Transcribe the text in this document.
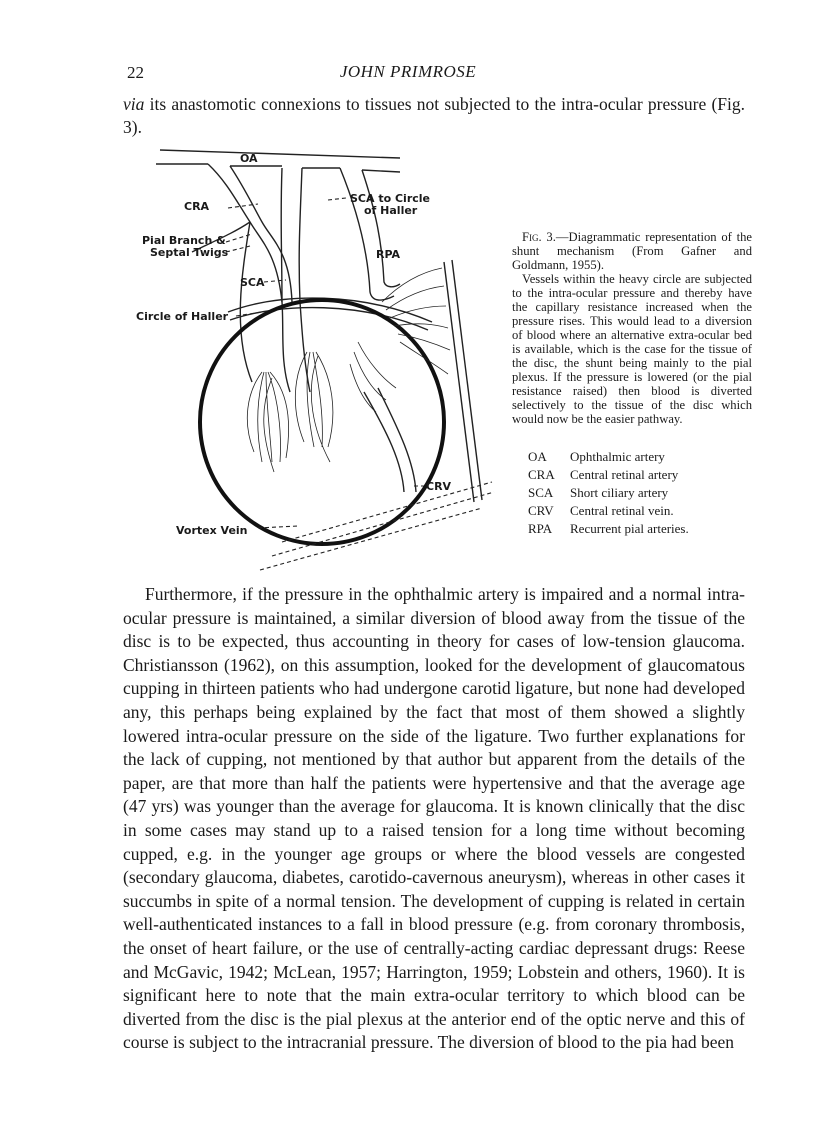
22	JOHN PRIMROSE

via its anastomotic connexions to tissues not subjected to the intra-ocular pressure (Fig. 3).

OA
CRA
SCA to Circle
of Haller
Pial Branch &
Septal Twigs	RPA
SCA
Circle of Haller
CRV
Vortex Vein

Fig. 3.—Diagrammatic representation of the shunt mechanism (From Gafner and Goldmann, 1955).

Vessels within the heavy circle are subjected to the intra-ocular pressure and thereby have the capillary resistance increased when the pressure rises. This would lead to a diversion of blood where an alternative extra-ocular bed is available, which is the case for the tissue of the disc, the shunt being mainly to the pial plexus. If the pressure is lowered (or the pial resistance raised) then blood is diverted selectively to the tissue of the disc which would now be the easier pathway.

OA	Ophthalmic artery
CRA	Central retinal artery
SCA	Short ciliary artery
CRV	Central retinal vein.
RPA	Recurrent pial arteries.

Furthermore, if the pressure in the ophthalmic artery is impaired and a normal intra-ocular pressure is maintained, a similar diversion of blood away from the tissue of the disc is to be expected, thus accounting in theory for cases of low-tension glaucoma. Christiansson (1962), on this assumption, looked for the development of glaucomatous cupping in thirteen patients who had undergone carotid ligature, but none had developed any, this perhaps being explained by the fact that most of them showed a slightly lowered intra-ocular pressure on the side of the ligature. Two further explanations for the lack of cupping, not mentioned by that author but apparent from the details of the paper, are that more than half the patients were hypertensive and that the average age (47 yrs) was younger than the average for glaucoma. It is known clinically that the disc in some cases may stand up to a raised tension for a long time without becoming cupped, e.g. in the younger age groups or where the blood vessels are congested (secondary glaucoma, diabetes, carotido-cavernous aneurysm), whereas in other cases it succumbs in spite of a normal tension. The development of cupping is related in certain well-authenticated instances to a fall in blood pressure (e.g. from coronary thrombosis, the onset of heart failure, or the use of centrally-acting cardiac depressant drugs: Reese and McGavic, 1942; McLean, 1957; Harrington, 1959; Lobstein and others, 1960). It is significant here to note that the main extra-ocular territory to which blood can be diverted from the disc is the pial plexus at the anterior end of the optic nerve and this of course is subject to the intracranial pressure. The diversion of blood to the pia had been
